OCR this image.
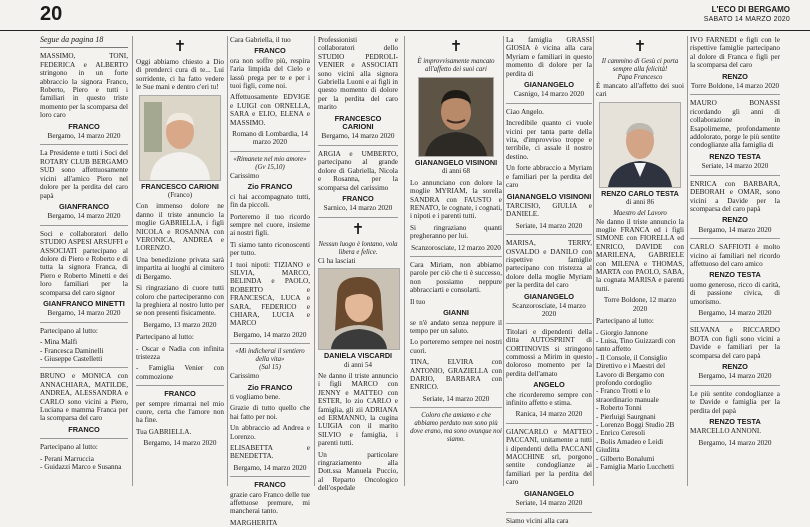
20	L'ECO DI BERGAMO
SABATO 14 MARZO 2020
Segue da pagina 18

MASSIMO, TONI, FEDERICA e ALBERTO stringono in un forte abbraccio la signora Franco, Roberto, Piero e tutti i familiari in questo triste momento per la scomparsa del loro caro

FRANCO
Bergamo, 14 marzo 2020

La Presidente e tutti i Soci del ROTARY CLUB BERGAMO SUD sono affettuosamente vicini all'amico Piero nel dolore per la perdita del caro papà

GIANFRANCO
Bergamo, 14 marzo 2020

Soci e collaboratori dello STUDIO ASPESI ARSUFFI e ASSOCIATI partecipano al dolore di Piero e Roberto e di tutta la signora Franca, di Piero e Roberto Minetti e dei loro familiari per la scomparsa del caro signor

GIANFRANCO MINETTI
Bergamo, 14 marzo 2020

Partecipano al lutto:

- Mina Malfi
- Francesca Daminelli
- Giuseppe Castelletti

BRUNO e MONICA con ANNACHIARA, MATILDE, ANDREA, ALESSANDRA e CARLO sono vicini a Piero, Luciana e mamma Franca per la scomparsa del caro

FRANCO

Partecipano al lutto:

- Perani Marruccia
- Guidazzi Marco e Susanna
✝

Oggi abbiamo chiesto a Dio di prenderci cura di te... Lui sorridente, ci ha fatto vedere le Sue mani e dentro c'eri tu!

FRANCESCO CARIONI
(Franco)

Con immenso dolore ne danno il triste annuncio la moglie GABRIELLA, i figli NICOLA e ROSANNA con VERONICA, ANDREA e LORENZO.

Una benedizione privata sarà impartita ai luoghi al cimitero di Bergamo.

Si ringraziano di cuore tutti coloro che parteciperanno con la preghiera al nostro lutto per se non presenti fisicamente.

Bergamo, 13 marzo 2020

Partecipano al lutto:

- Oscar e Nadia con infinita tristezza

- Famiglia Venier con commozione

FRANCO

per sempre rimarrai nel mio cuore, certa che l'amore non ha fine.

Tua GABRIELLA.

Bergamo, 14 marzo 2020

Cara Gabriella, il tuo

FRANCO

ora non soffre più, respira l'aria limpida del Cielo e lassù prega per te e per i tuoi figli, come noi.

Affettuosamente EDVIGE e LUIGI con ORNELLA, SARA e ELIO, ELENA e MASSIMO.

Romano di Lombardia, 14 marzo 2020
«Rimanete nel mio amore»
(Gv 15,10)

Carissimo

Zio FRANCO

ci hai accompagnato tutti, fin da piccoli.

Porteremo il tuo ricordo sempre nel cuore, insieme ai nostri figli.

Ti siamo tanto riconoscenti per tutto.

I tuoi nipoti: TIZIANO e SILVIA, MARCO, BELINDA e PAOLO, ROBERTO e FRANCESCA, LUCA e SARA, FEDERICO e CHIARA, LUCIA e MARCO

Bergamo, 14 marzo 2020
«Mi indicherai il sentiero della vita»
(Sal 15)

Carissimo

Zio FRANCO

ti vogliamo bene.

Grazie di tutto quello che hai fatto per noi.

Un abbraccio ad Andrea e Lorenzo.

ELISABETTA e BENEDETTA.

Bergamo, 14 marzo 2020
FRANCO

grazie caro Franco delle tue affettuose premure, mi mancherai tanto.

MARGHERITA

Professionisti e collaboratori dello STUDIO PEDROLI-VENIER e ASSOCIATI sono vicini alla signora Gabriella Luoni e ai figli in questo momento di dolore per la perdita del caro marito

FRANCESCO CARIONI
Bergamo, 14 marzo 2020

ARGIA e UMBERTO, partecipano al grande dolore di Gabriella, Nicola e Rosanna, per la scomparsa del carissimo

FRANCO
Sarnico, 14 marzo 2020
✝
Nessun luogo è lontano, vola libera e felice.

Ci ha lasciati

DANIELA VISCARDI
di anni 54

Ne danno il triste annuncio i figli MARCO con JENNY e MATTEO con ESTER, lo zio CARLO e famiglia, gli zii ADRIANA ed ERMANNO, la cugina LUIGIA con il marito SILVIO e famiglia, i parenti tutti.

Un particolare ringraziamento alla Dott.ssa Manuela Puccio, al Reparto Oncologico dell'ospedale

✝
È improvvisamente mancato all'affetto dei suoi cari
GIANANGELO VISINONI
di anni 68

Lo annunciano con dolore la moglie MYRIAM, la sorella SANDRA con FAUSTO e RENATO, le cognate, i cognati, i nipoti e i parenti tutti.

Si ringraziano quanti pregheranno per lui.

Scanzorosciate, 12 marzo 2020

Cara Miriam, non abbiamo parole per ciò che ti è successo, non possiamo neppure abbracciarti e consolarti.

Il tuo

GIANNI

se n'è andato senza neppure il tempo per un saluto.

Lo porteremo sempre nei nostri cuori.

TINA, ELVIRA con ANTONIO, GRAZIELLA con DARIO, BARBARA con ENRICO.

Seriate, 14 marzo 2020
Coloro che amiamo e che abbiamo perduto non sono più dove erano, ma sono ovunque noi siamo.

La famiglia GRASSI GIOSIA è vicina alla cara Myriam e familiari in questo momento di dolore per la perdita di

GIANANGELO
Casnigo, 14 marzo 2020

Ciao Angelo.

Incredibile quanto ci vuole vicini per tanta parte della vita, d'improvviso troppe e terribile, ci assale il nostro destino.

Un forte abbraccio a Myriam e familiari per la perdita del caro

GIANANGELO VISINONI

TARCISIO, GIULIA e DANIELE.

Seriate, 14 marzo 2020

MARISA, TERRY, OSVALDO e DANILO con rispettive famiglie partecipano con tristezza al dolore della moglie Myriam per la perdita del caro

GIANANGELO
Scanzorosciate, 14 marzo 2020

Titolari e dipendenti della ditta AUTOSPRINT di CORTINOVIS si stringono commossi a Mirim in questo doloroso momento per la perdita dell'amato

ANGELO

che ricorderemo sempre con infinito affetto e stima.

Ranica, 14 marzo 2020

GIANCARLO e MATTEO PACCANI, unitamente a tutti i dipendenti della PACCANI MACCHINE srl, porgono sentite condoglianze ai familiari per la perdita del caro

GIANANGELO
Seriate, 14 marzo 2020

Siamo vicini alla cara

✝
Il cammino di Gesù ci porta sempre alla felicità!
Papa Francesco

È mancato all'affetto dei suoi cari

RENZO CARLO TESTA
di anni 86
Maestro del Lavoro

Ne danno il triste annuncio la moglie FRANCA ed i figli SIMONE con FIORELLA ed ENRICO, DAVIDE con MARILENA, GABRIELE con MILENA e THOMAS, MARTA con PAOLO, SABA, la cognata MARISA e parenti tutti.

Torre Boldone, 12 marzo 2020

Partecipano al lutto:

- Giorgio Jannone
- Luisa, Tino Guizzardi con tanto affetto
- Il Console, il Consiglio Direttivo e i Maestri del Lavoro di Bergamo con profondo cordoglio
- Franco Trotti e lo straordinario manuale
- Roberto Tonni
- Pierluigi Saurgnani
- Lorenzo Boggi Studio 2B
- Enrico Ceresoli
- Bolis Amadeo e Leidi Giuditta
- Gilberto Bonalumi
- Famiglia Mario Lucchetti

IVO FARNEDI e figli con le rispettive famiglie partecipano al dolore di Franca e figli per la scomparsa del caro

RENZO
Torre Boldone, 14 marzo 2020

MAURO BONASSI ricordando gli anni di collaborazione in Esapolimeme, profondamente addolorato, porge le più sentite condoglianze alla famiglia di

RENZO TESTA
Seriate, 14 marzo 2020

ENRICA con BARBARA, DEBORAH e OMAR, sono vicini a Davide per la scomparsa del caro papà

RENZO
Bergamo, 14 marzo 2020

CARLO SAFFIOTI è molto vicino ai familiari nel ricordo affettuoso del caro amico

RENZO TESTA

uomo generoso, ricco di carità, di passione civica, di umorismo.

Bergamo, 14 marzo 2020

SILVANA e RICCARDO BOTA con figli sono vicini a Davide e familiari per la scomparsa del caro papà

RENZO
Bergamo, 14 marzo 2020

Le più sentite condoglianze a te Davide e famiglia per la perdita del papà

RENZO TESTA

MARCELLO ANNONI.

Bergamo, 14 marzo 2020
